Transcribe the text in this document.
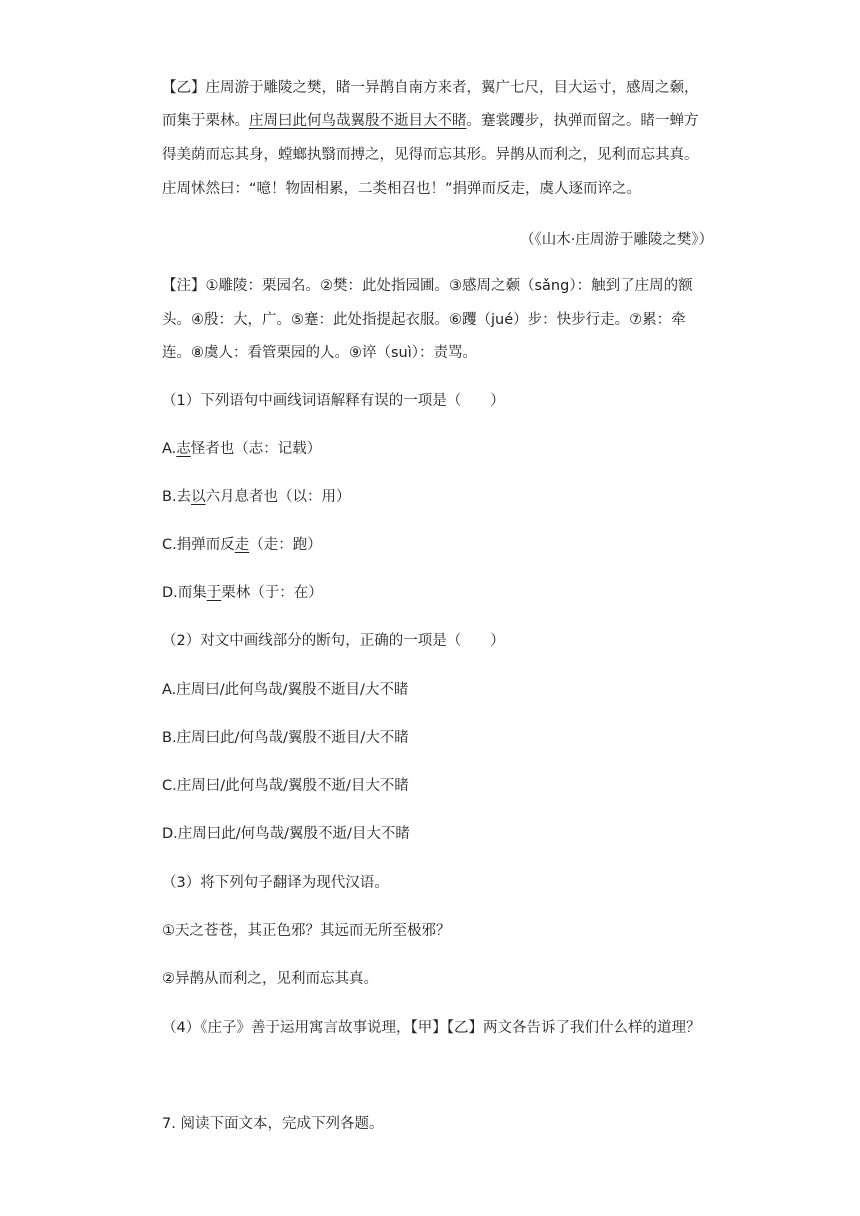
【乙】庄周游于雕陵之樊，睹一异鹊自南方来者，翼广七尺，目大运寸，感周之颡，
而集于栗林。庄周曰此何鸟哉翼殷不逝目大不睹。蹇裳躩步，执弹而留之。睹一蝉方
得美荫而忘其身，螳螂执翳而搏之，见得而忘其形。异鹊从而利之，见利而忘其真。
庄周怵然曰：“噫！物固相累，二类相召也！”捐弹而反走，虞人逐而谇之。
（《山木·庄周游于雕陵之樊》）
【注】①雕陵：栗园名。②樊：此处指园圃。③感周之颡（sǎng）：触到了庄周的额
头。④殷：大，广。⑤蹇：此处指提起衣服。⑥躩（jué）步：快步行走。⑦累：牵
连。⑧虞人：看管栗园的人。⑨谇（suì）：责骂。
（1）下列语句中画线词语解释有误的一项是（　　）
A.志怪者也（志：记载）
B.去以六月息者也（以：用）
C.捐弹而反走（走：跑）
D.而集于栗林（于：在）
（2）对文中画线部分的断句，正确的一项是（　　）
A.庄周曰/此何鸟哉/翼殷不逝目/大不睹
B.庄周曰此/何鸟哉/翼殷不逝目/大不睹
C.庄周曰/此何鸟哉/翼殷不逝/目大不睹
D.庄周曰此/何鸟哉/翼殷不逝/目大不睹
（3）将下列句子翻译为现代汉语。
①天之苍苍，其正色邪？其远而无所至极邪？
②异鹊从而利之，见利而忘其真。
（4）《庄子》善于运用寓言故事说理，【甲】【乙】两文各告诉了我们什么样的道理？
7. 阅读下面文本，完成下列各题。
